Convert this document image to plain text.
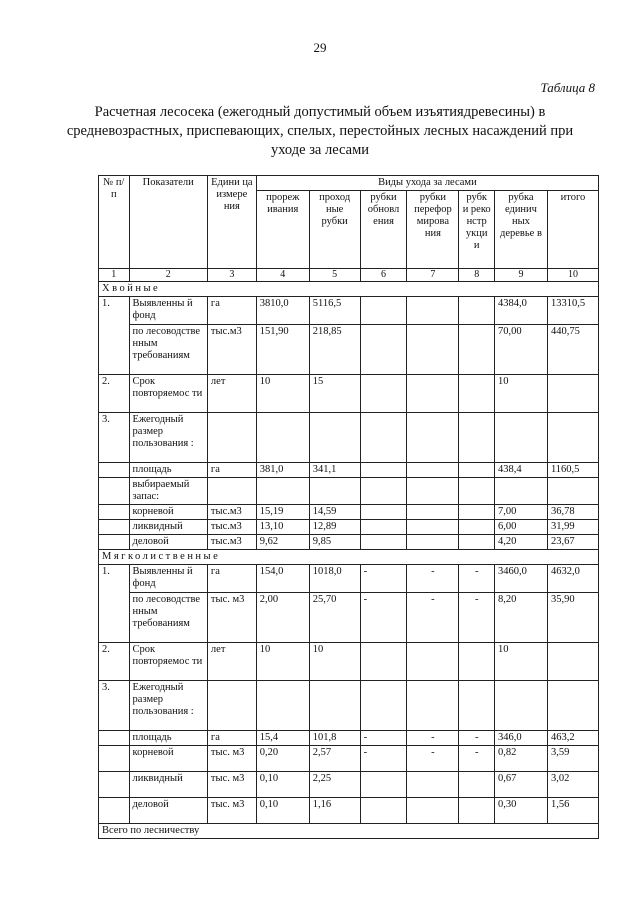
29
Таблица 8
Расчетная лесосека (ежегодный допустимый объем изъятиядревесины) в средневозрастных, приспевающих, спелых, перестойных лесных насаждений при уходе за лесами
№ п/п	Показатели	Едини ца измере ния	Виды ухода за лесами						
			прореж ивания	проход ные рубки	рубки обновл ения	рубки перефор мирова ния	рубк и реко нстр укци и	рубка единич ных деревье в	итого
1	2	3	4	5	6	7	8	9	10
Хвойные									
1.	Выявленны й фонд	га	3810,0	5116,5				4384,0	13310,5
	по лесоводстве нным требованиям	тыс.м3	151,90	218,85				70,00	440,75
2.	Срок повторяемос ти	лет	10	15				10	
3.	Ежегодный размер пользования :								
	площадь	га	381,0	341,1				438,4	1160,5
	выбираемый запас:								
	корневой	тыс.м3	15,19	14,59				7,00	36,78
	ликвидный	тыс.м3	13,10	12,89				6,00	31,99
	деловой	тыс.м3	9,62	9,85				4,20	23,67
Мягколиственные									
1.	Выявленны й фонд	га	154,0	1018,0	-	-	-	3460,0	4632,0
	по лесоводстве нным требованиям	тыс. м3	2,00	25,70	-	-	-	8,20	35,90
2.	Срок повторяемос ти	лет	10	10				10	
3.	Ежегодный размер пользования :								
	площадь	га	15,4	101,8	-	-	-	346,0	463,2
	корневой	тыс. м3	0,20	2,57	-	-	-	0,82	3,59
	ликвидный	тыс. м3	0,10	2,25				0,67	3,02
	деловой	тыс. м3	0,10	1,16				0,30	1,56
Всего по лесничеству									
